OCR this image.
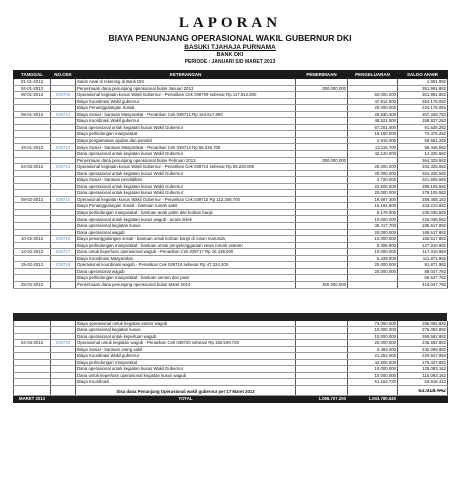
LAPORAN
BIAYA PENUNJANG OPERASIONAL WAKIL GUBERNUR DKI
BASUKI TJAHAJA PURNAMA
BANK DKI
PERIODE : JANUARI S/D MARET 2013
TANGGAL	NO.CEK	KETERANGAN	PENERIMAAN	PENGELUARAN	SALDO AKHIR
01-01-2013		Saldo Awal di rekening di Bank DKI			1.991.882
04-01-2013		Penerimaan dana penunjang operasional bulan Januari 2013	350.000.000		351.991.882
05-01-2013	039709	Operasional kegiatan kusus Wakil Gubernur - Penarikan Cek 039709 sebesar Rp 117.812.800		50.000.000	301.991.882
		Biaya Koordinasi Wakil gubernur		47.812.800	254.179.082
		Biaya Penanggulangan Sosial		20.000.000	234.179.082
09-01-2013	039712	Biaya Sosial - bantuan Masyarakat - Penarikan Cek 039712 Rp 164.617.800		26.830.300	207.348.782
		Biaya Koordinasi Wakil gubernur		48.521.500	158.827.282
		Dana operasional untuk kegiatan kusus Wakil Gubernur		67.201.000	91.626.282
		Biaya perlindungan masyarakat		19.150.000	72.476.282
		Biaya pengamanan ajudan dan pamdal		2.915.000	69.561.282
19-01-2013	039713	Biaya Sosial - bantuan Masyarakat - Penarikan Cek 039713 Rp 55.235.700		13.115.700	56.445.582
		Dana operasional untuk kegiatan kusus Wakil Gubernur		42.120.000	14.325.582
		Penerimaan dana penunjang operasional bulan Pebruari 2013	350.000.000		364.325.582
04-02-2013	039714	Operasional kegiatan kusus Wakil Gubernur - Penarikan Cek 039714 sebesar Rp 85.220.000		20.000.000	344.325.582
		Dana operasional untuk kegiatan kusus Wakil Gubernur		20.000.000	324.325.582
		Biaya Sosial - bantuan pendidikan		2.720.000	321.605.582
		Dana operasional untuk kegiatan kusus Wakil Gubernur		22.500.000	299.105.582
		Dana operasional untuk kegiatan kusus Wakil Gubernur		20.000.000	279.105.582
08-02-2013	039715	Operasional kegiatan kusus Wakil Gubernur - Penarikan Cek 039715 Rp 113.309.700		19.697.400	259.408.182
		Biaya Penanggulangan Sosial - bantuan rumah sakit		16.194.600	243.213.582
		Biaya perlindungan masyarakat - bantuan anak yatim dan korban banjir		8.178.000	235.035.582
		Dana operasional untuk kegiatan kusus wagub - acara imlek		10.000.000	225.035.582
		Dana operasional kegiatan kusus		39.417.700	185.617.882
		Dana operasional wagub		20.000.000	165.617.882
10-02-2013	039716	Biaya penanggulangan sosial - bantuan untuk korban banjir di rusun marunda		10.000.000	155.617.882
		Biaya perlindungan masyarakat - bantuan untuk penyelenggaraan sewa rumah veteran		8.306.900	127.310.982
14-02-2013	039717	Dana untuk keperluan operasional wagub - Penarikan Cek 039717 Rp 15.439.000		10.000.000	117.310.982
		Biaya Koordinasi Masyarakat		5.439.000	111.871.982
15-02-2013	039718	Operasional koordinasi wagub - Penarikan Cek 039718 sebesar Rp 47.324.200		20.000.000	91.871.982
		Dana operasional wagub		20.000.000	68.047.782
		Biaya perlindungan masyarakat - bantuan semen dan pasir			66.547.782
25-02-2013		Penerimaan dana penunjang operasional bulan Maret 2013	350.000.000		416.047.782
		Biaya operasional untuk kegiatan kantor wagub		73.050.000	286.092.882
		Dana operasional kegiatan kusus		10.000.000	276.092.882
		Dana operasional untuk keperluan wagub		10.000.000	265.592.882
04-03-2013	039720	Operasional untuk kegiatan wagub - Penarikan Cek 039720 sebesar Rp 150.509.720		20.000.000	245.592.882
		Biaya Sosial - bantuan orang sakit		3.493.000	242.099.882
		Biaya Koordinasi Wakil gubernur		21.252.000	220.847.882
		Biaya perlindungan masyarakat		44.500.000	176.347.882
		Dana operasional untuk kegiatan kusus Wakil Gubernur		10.000.000	125.083.162
		Dana untuk keperluan operasional kegiatan kusus wagub		10.000.000	115.083.162
		Biaya Koordinasi		51.164.720	63.918.442

		Sisa dana Penunjang Operasional wakil gubernur per 17 Maret 2013			63.918.442
MARET 2013		TOTAL	1.065.707.200	1.003.780.640	
